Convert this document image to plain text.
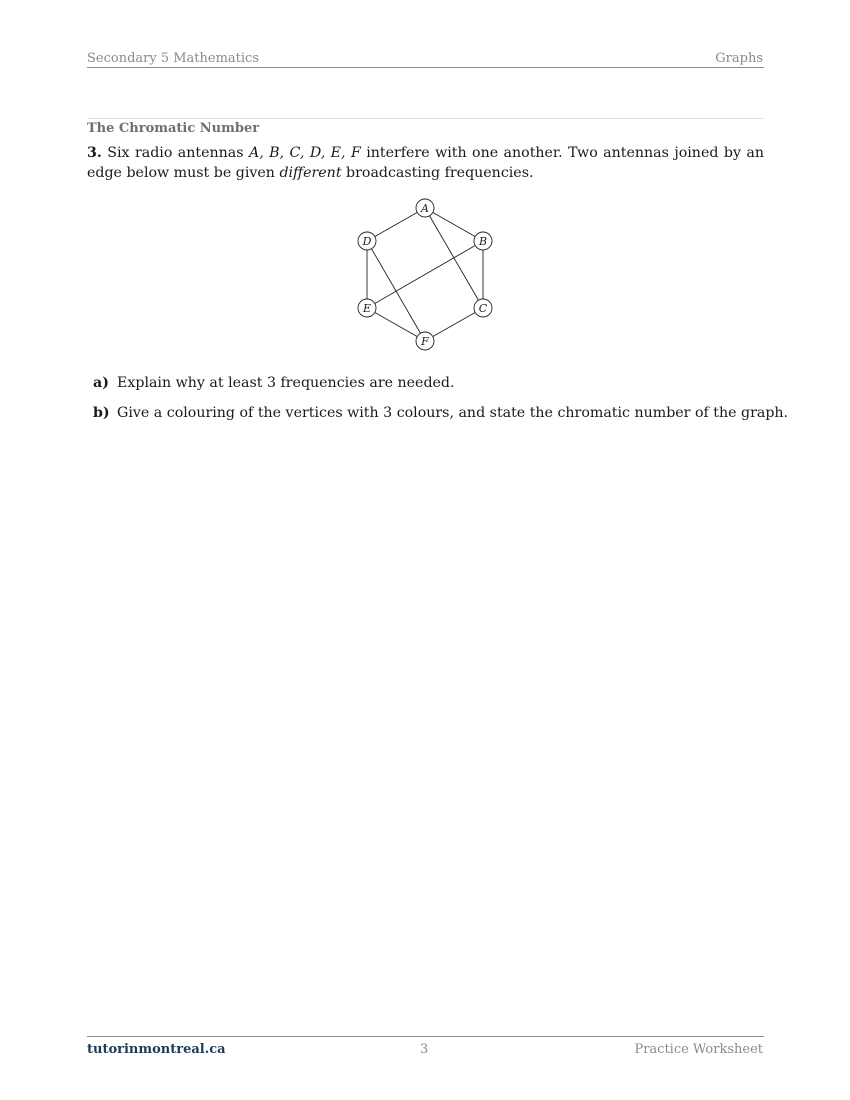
Secondary 5 Mathematics	Graphs
The Chromatic Number
3. Six radio antennas A, B, C, D, E, F interfere with one another. Two antennas joined by an edge below must be given different broadcasting frequencies.
A
B
C
D
E
F
a) Explain why at least 3 frequencies are needed.
b) Give a colouring of the vertices with 3 colours, and state the chromatic number of the graph.
tutorinmontreal.ca	3	Practice Worksheet
